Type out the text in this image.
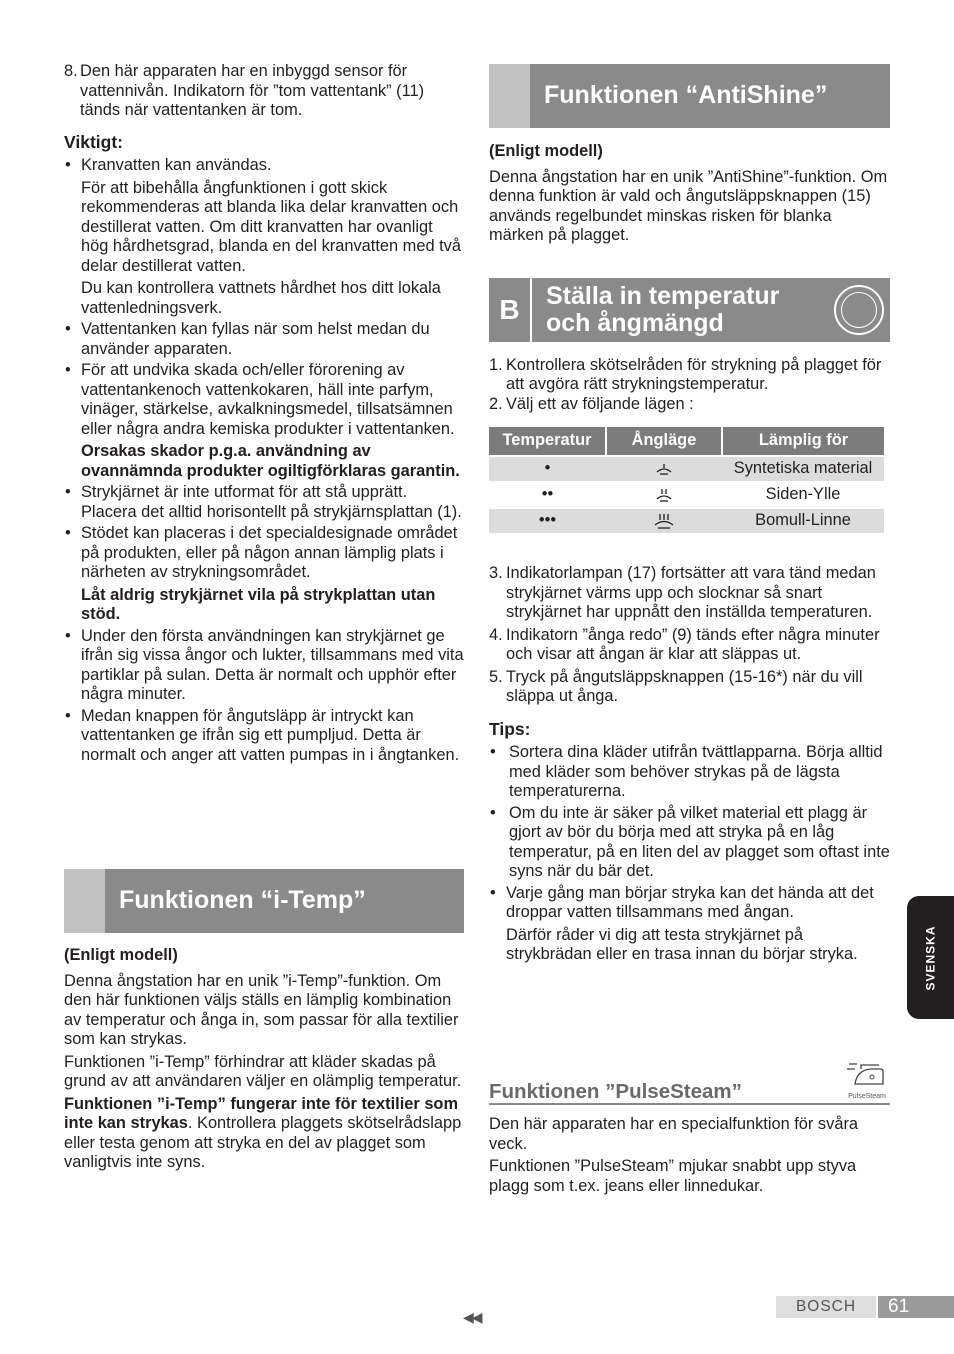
8. Den här apparaten har en inbyggd sensor för vattennivån. Indikatorn för ”tom vattentank” (11) tänds när vattentanken är tom.

Viktigt:

• Kranvatten kan användas.

För att bibehålla ångfunktionen i gott skick rekommenderas att blanda lika delar kranvatten och destillerat vatten. Om ditt kranvatten har ovanligt hög hårdhetsgrad, blanda en del kranvatten med två delar destillerat vatten.

Du kan kontrollera vattnets hårdhet hos ditt lokala vattenledningsverk.

• Vattentanken kan fyllas när som helst medan du använder apparaten.

• För att undvika skada och/eller förorening av vattentankenoch vattenkokaren, häll inte parfym, vinäger, stärkelse, avkalkningsmedel, tillsatsämnen eller några andra kemiska produkter i vattentanken.

Orsakas skador p.g.a. användning av ovannämnda produkter ogiltigförklaras garantin.

• Strykjärnet är inte utformat för att stå upprätt. Placera det alltid horisontellt på strykjärnsplattan (1).

• Stödet kan placeras i det specialdesignade området på produkten, eller på någon annan lämplig plats i närheten av strykningsområdet.

Låt aldrig strykjärnet vila på strykplattan utan stöd.

• Under den första användningen kan strykjärnet ge ifrån sig vissa ångor och lukter, tillsammans med vita partiklar på sulan. Detta är normalt och upphör efter några minuter.

• Medan knappen för ångutsläpp är intryckt kan vattentanken ge ifrån sig ett pumpljud. Detta är normalt och anger att vatten pumpas in i ångtanken.

Funktionen “i-Temp”

(Enligt modell)

Denna ångstation har en unik ”i-Temp”-funktion. Om den här funktionen väljs ställs en lämplig kombination av temperatur och ånga in, som passar för alla textilier som kan strykas.

Funktionen ”i-Temp” förhindrar att kläder skadas på grund av att användaren väljer en olämplig temperatur.

Funktionen ”i-Temp” fungerar inte för textilier som inte kan strykas. Kontrollera plaggets skötselrådslapp eller testa genom att stryka en del av plagget som vanligtvis inte syns.

Funktionen “AntiShine”

(Enligt modell)

Denna ångstation har en unik ”AntiShine”-funktion. Om denna funktion är vald och ångutsläppsknappen (15) används regelbundet minskas risken för blanka märken på plagget.

B	Ställa in temperatur
och ångmängd
1. Kontrollera skötselråden för strykning på plagget för att avgöra rätt strykningstemperatur.
2. Välj ett av följande lägen :
Temperatur	Ångläge	Lämplig för
•		Syntetiska material
••		Siden-Ylle
•••		Bomull-Linne
3. Indikatorlampan (17) fortsätter att vara tänd medan strykjärnet värms upp och slocknar så snart strykjärnet har uppnått den inställda temperaturen.
4. Indikatorn ”ånga redo” (9) tänds efter några minuter och visar att ångan är klar att släppas ut.
5. Tryck på ångutsläppsknappen (15-16*) när du vill släppa ut ånga.

Tips:

• Sortera dina kläder utifrån tvättlapparna. Börja alltid med kläder som behöver strykas på de lägsta temperaturerna.

• Om du inte är säker på vilket material ett plagg är gjort av bör du börja med att stryka på en låg temperatur, på en liten del av plagget som oftast inte syns när du bär det.

• Varje gång man börjar stryka kan det hända att det droppar vatten tillsammans med ångan.

Därför råder vi dig att testa strykjärnet på strykbrädan eller en trasa innan du börjar stryka.

Funktionen ”PulseSteam”	PulseSteam

Den här apparaten har en specialfunktion för svåra veck.

Funktionen ”PulseSteam” mjukar snabbt upp styva plagg som t.ex. jeans eller linnedukar.

SVENSKA
◀◀
BOSCH	61
